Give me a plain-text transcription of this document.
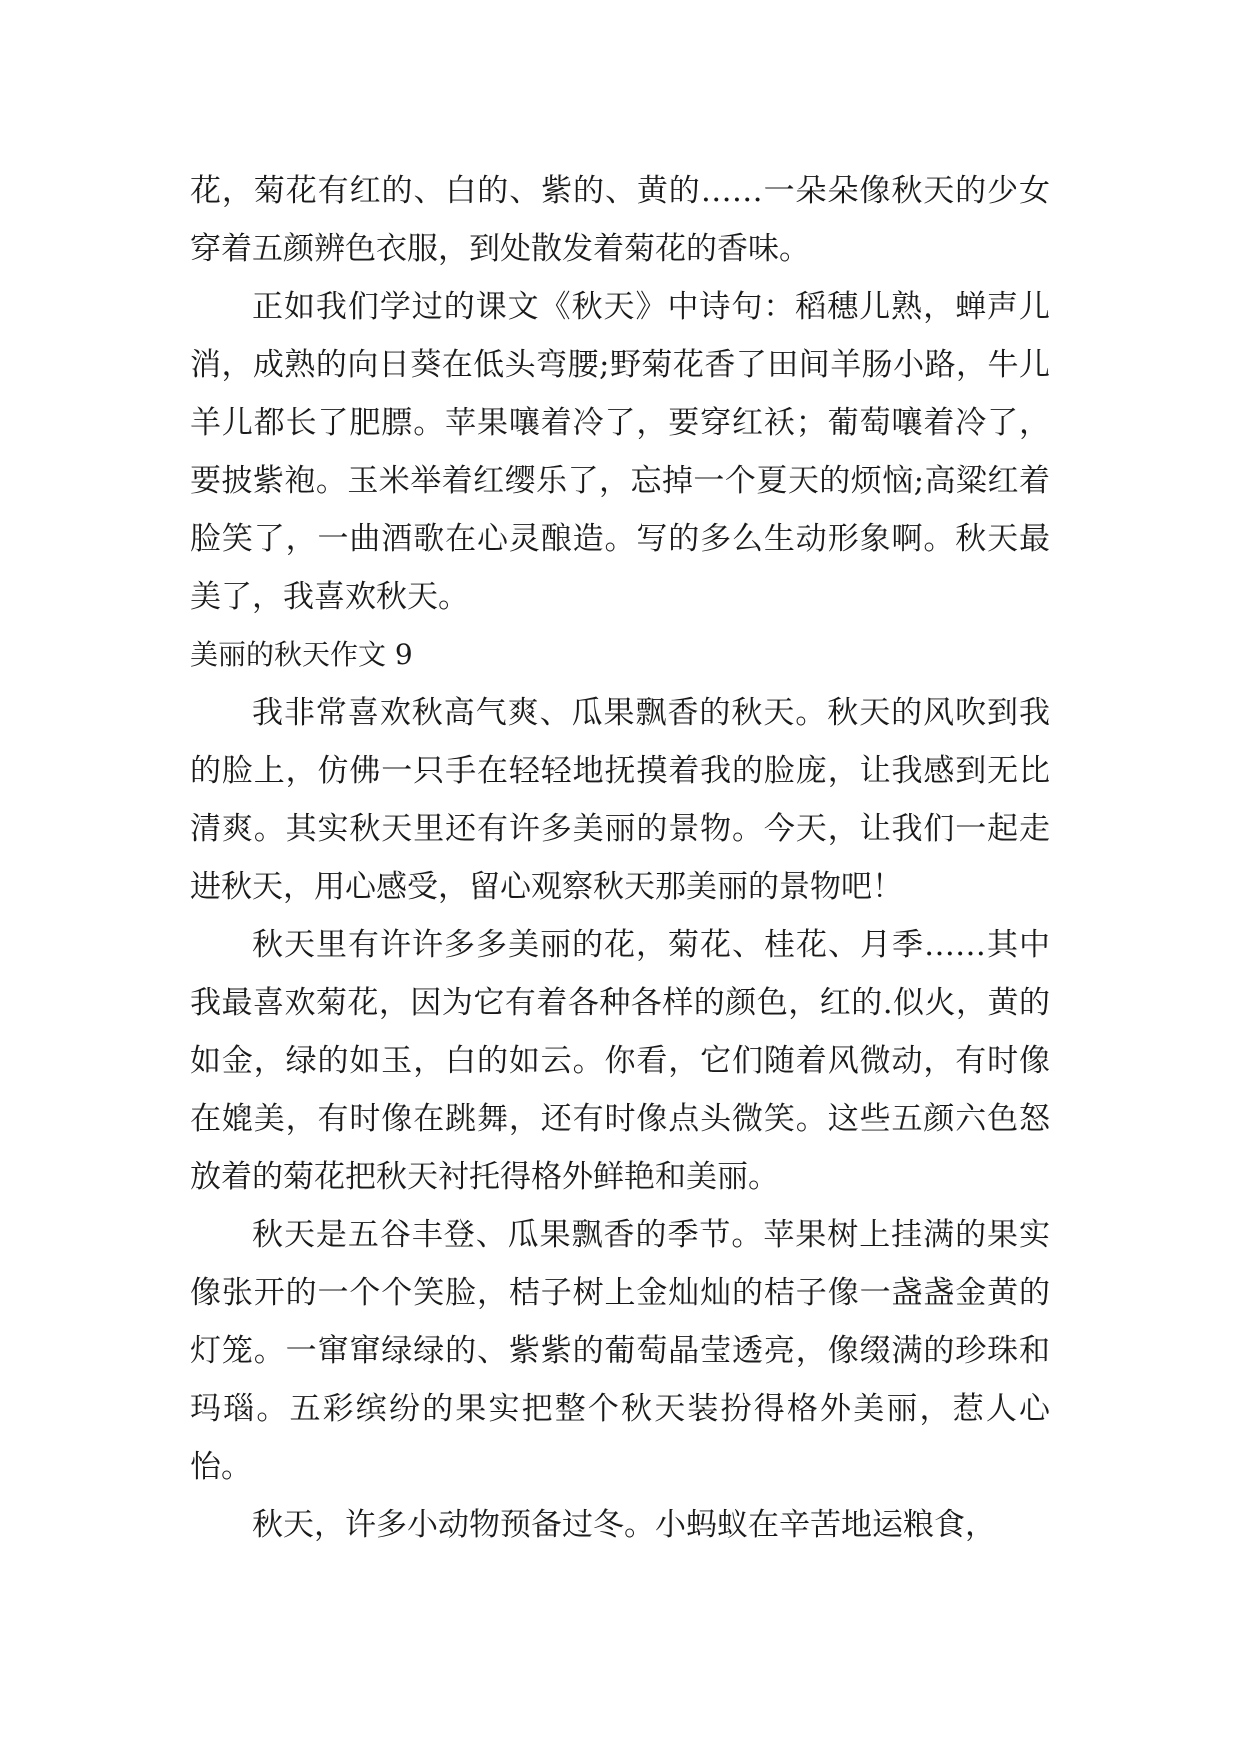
花，菊花有红的、白的、紫的、黄的……一朵朵像秋天的少女穿着五颜辨色衣服，到处散发着菊花的香味。

正如我们学过的课文《秋天》中诗句：稻穗儿熟，蝉声儿消，成熟的向日葵在低头弯腰;野菊花香了田间羊肠小路，牛儿羊儿都长了肥膘。苹果嚷着冷了，要穿红袄；葡萄嚷着冷了，要披紫袍。玉米举着红缨乐了，忘掉一个夏天的烦恼;高粱红着脸笑了，一曲酒歌在心灵酿造。写的多么生动形象啊。秋天最美了，我喜欢秋天。

美丽的秋天作文 9

我非常喜欢秋高气爽、瓜果飘香的秋天。秋天的风吹到我的脸上，仿佛一只手在轻轻地抚摸着我的脸庞，让我感到无比清爽。其实秋天里还有许多美丽的景物。今天，让我们一起走进秋天，用心感受，留心观察秋天那美丽的景物吧！

秋天里有许许多多美丽的花，菊花、桂花、月季……其中我最喜欢菊花，因为它有着各种各样的颜色，红的.似火，黄的如金，绿的如玉，白的如云。你看，它们随着风微动，有时像在媲美，有时像在跳舞，还有时像点头微笑。这些五颜六色怒放着的菊花把秋天衬托得格外鲜艳和美丽。

秋天是五谷丰登、瓜果飘香的季节。苹果树上挂满的果实像张开的一个个笑脸，桔子树上金灿灿的桔子像一盏盏金黄的灯笼。一窜窜绿绿的、紫紫的葡萄晶莹透亮，像缀满的珍珠和玛瑙。五彩缤纷的果实把整个秋天装扮得格外美丽，惹人心怡。

秋天，许多小动物预备过冬。小蚂蚁在辛苦地运粮食，
